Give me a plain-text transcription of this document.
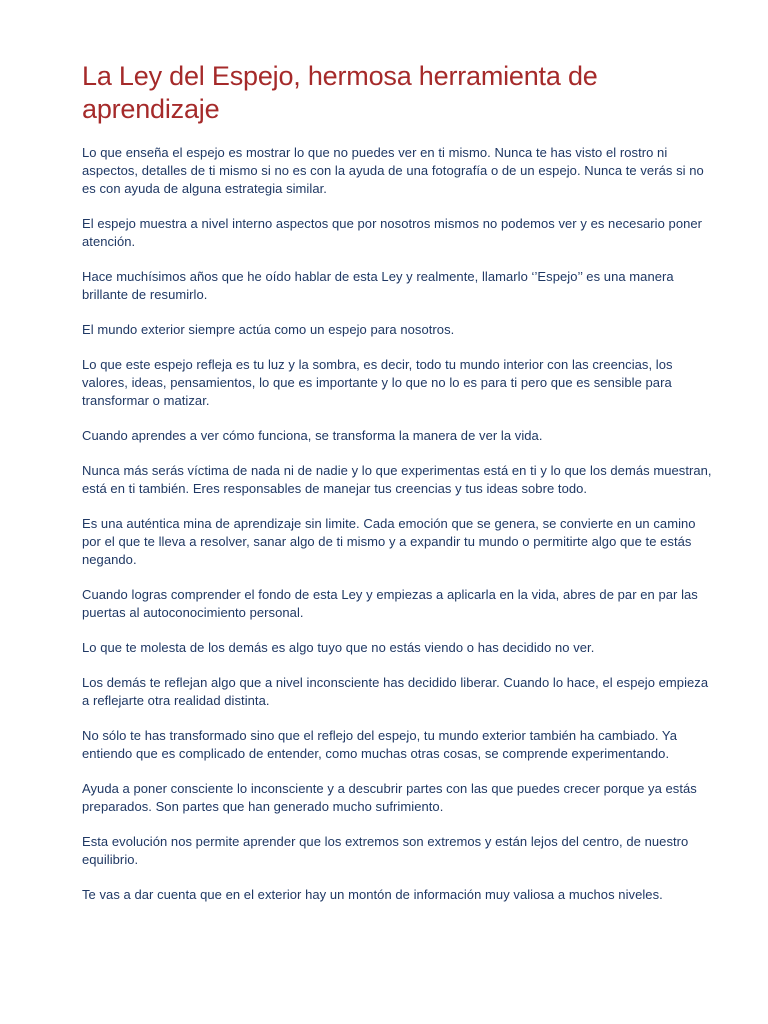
La Ley del Espejo, hermosa herramienta de aprendizaje

Lo que enseña el espejo es mostrar lo que no puedes ver en ti mismo. Nunca te has visto el rostro ni aspectos, detalles de ti mismo si no es con la ayuda de una fotografía o de un espejo. Nunca te verás si no es con ayuda de alguna estrategia similar.

El espejo muestra a nivel interno aspectos que por nosotros mismos no podemos ver y es necesario poner atención.

Hace muchísimos años que he oído hablar de esta Ley y realmente, llamarlo ‘’Espejo’’ es una manera brillante de resumirlo.

El mundo exterior siempre actúa como un espejo para nosotros.

Lo que este espejo refleja es tu luz y la sombra, es decir, todo tu mundo interior con las creencias, los valores, ideas, pensamientos, lo que es importante y lo que no lo es para ti pero que es sensible para transformar o matizar.

Cuando aprendes a ver cómo funciona, se transforma la manera de ver la vida.

Nunca más serás víctima de nada ni de nadie y lo que experimentas está en ti y lo que los demás muestran, está en ti también. Eres responsables de manejar tus creencias y tus ideas sobre todo.

Es una auténtica mina de aprendizaje sin limite. Cada emoción que se genera, se convierte en un camino por el que te lleva a resolver, sanar algo de ti mismo y a expandir tu mundo o permitirte algo que te estás negando.

Cuando logras comprender el fondo de esta Ley y empiezas a aplicarla en la vida, abres de par en par las puertas al autoconocimiento personal.

Lo que te molesta de los demás es algo tuyo que no estás viendo o has decidido no ver.

Los demás te reflejan algo que a nivel inconsciente has decidido liberar. Cuando lo hace, el espejo empieza a reflejarte otra realidad distinta.

No sólo te has transformado sino que el reflejo del espejo, tu mundo exterior también ha cambiado. Ya entiendo que es complicado de entender, como muchas otras cosas, se comprende experimentando.

Ayuda a poner consciente lo inconsciente y a descubrir partes con las que puedes crecer porque ya estás preparados. Son partes que han generado mucho sufrimiento.

Esta evolución nos permite aprender que los extremos son extremos y están lejos del centro, de nuestro equilibrio.

Te vas a dar cuenta que en el exterior hay un montón de información muy valiosa a muchos niveles.
